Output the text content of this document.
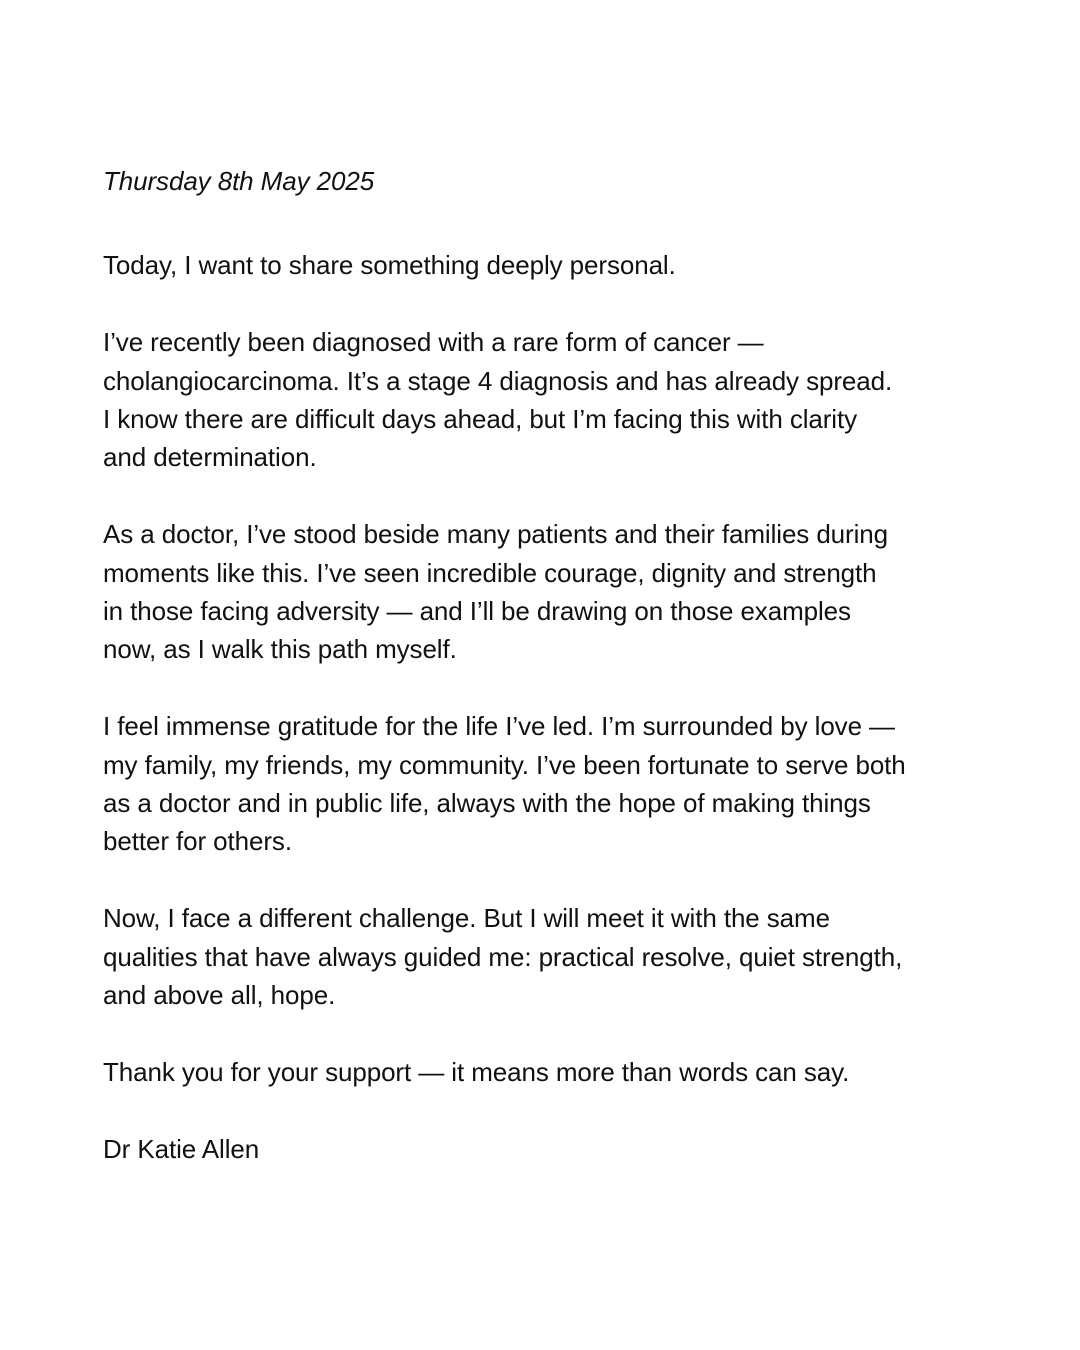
Thursday 8th May 2025

Today, I want to share something deeply personal.

I’ve recently been diagnosed with a rare form of cancer —
cholangiocarcinoma. It’s a stage 4 diagnosis and has already spread.
I know there are difficult days ahead, but I’m facing this with clarity
and determination.

As a doctor, I’ve stood beside many patients and their families during
moments like this. I’ve seen incredible courage, dignity and strength
in those facing adversity — and I’ll be drawing on those examples
now, as I walk this path myself.

I feel immense gratitude for the life I’ve led. I’m surrounded by love —
my family, my friends, my community. I’ve been fortunate to serve both
as a doctor and in public life, always with the hope of making things
better for others.

Now, I face a different challenge. But I will meet it with the same
qualities that have always guided me: practical resolve, quiet strength,
and above all, hope.

Thank you for your support — it means more than words can say.

Dr Katie Allen
